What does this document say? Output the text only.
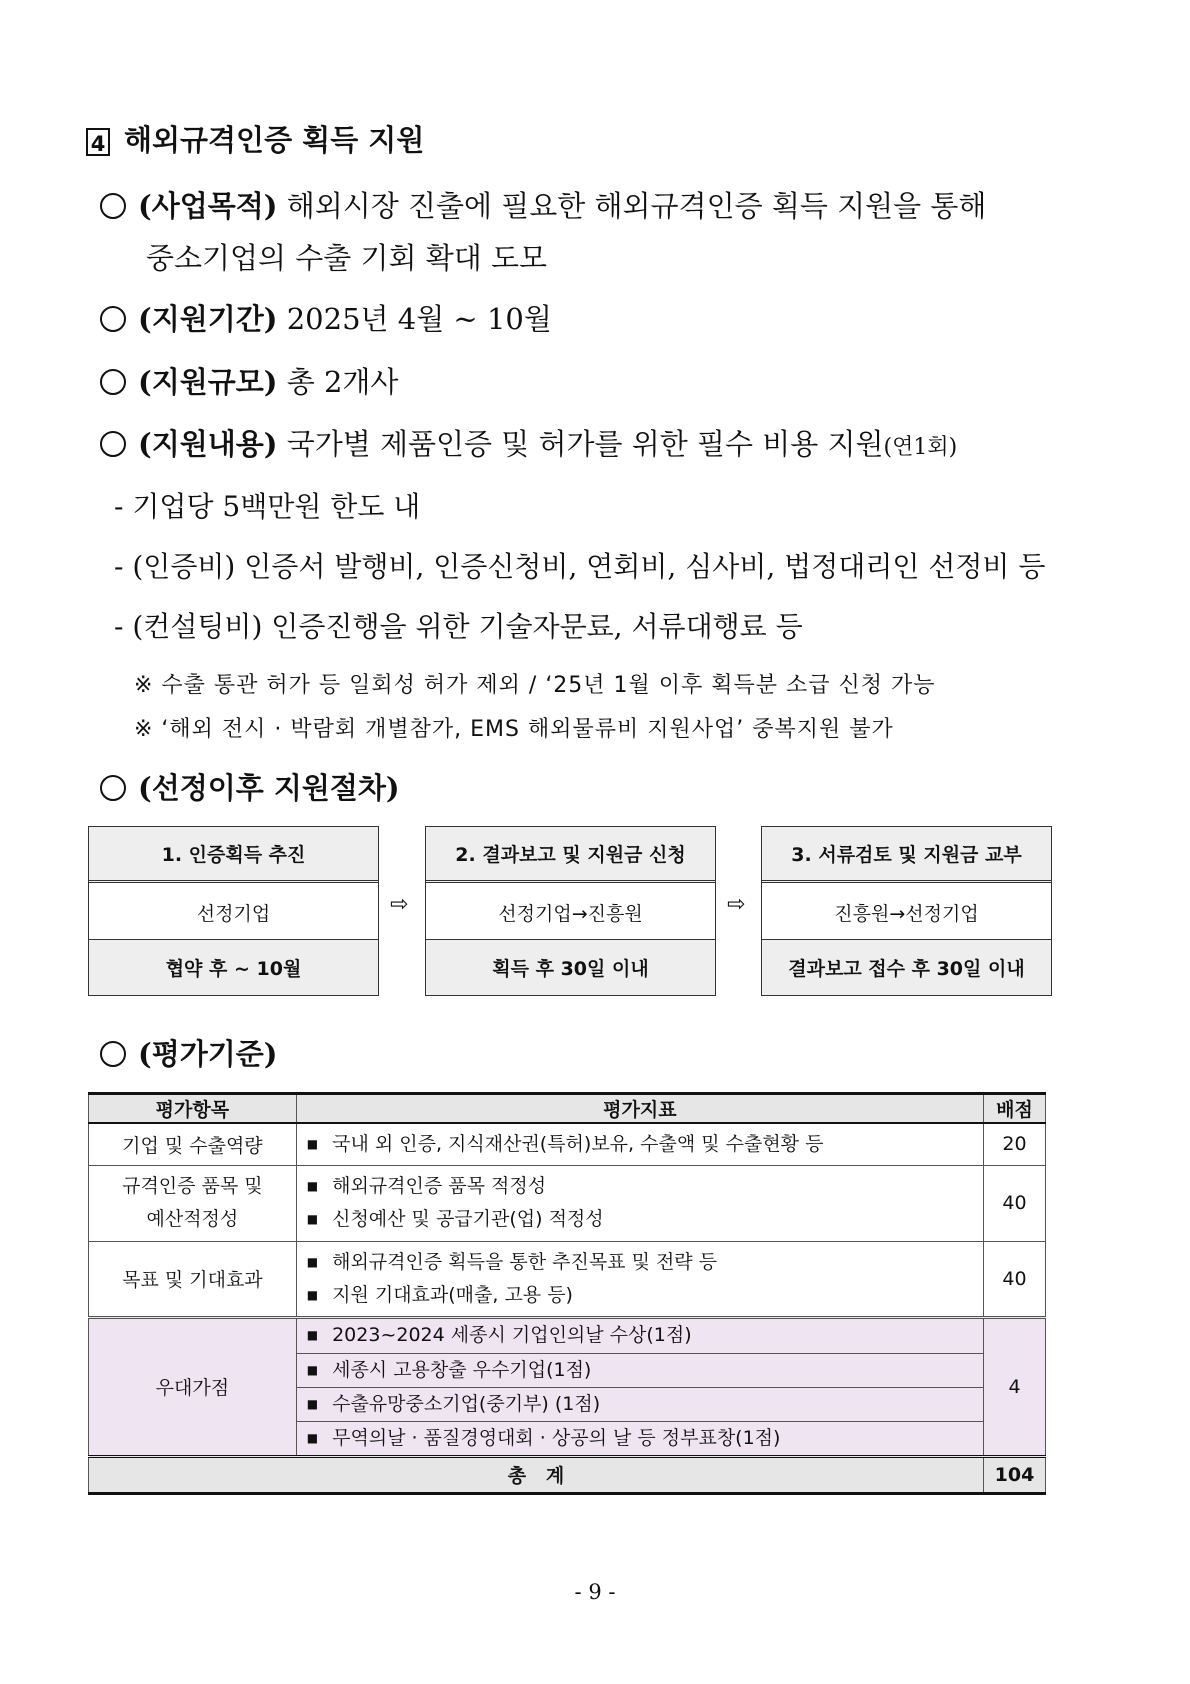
4 해외규격인증 획득 지원
(사업목적) 해외시장 진출에 필요한 해외규격인증 획득 지원을 통해
중소기업의 수출 기회 확대 도모
(지원기간) 2025년 4월 ~ 10월
(지원규모) 총 2개사
(지원내용) 국가별 제품인증 및 허가를 위한 필수 비용 지원(연1회)
- 기업당 5백만원 한도 내
- (인증비) 인증서 발행비, 인증신청비, 연회비, 심사비, 법정대리인 선정비 등
- (컨설팅비) 인증진행을 위한 기술자문료, 서류대행료 등
※ 수출 통관 허가 등 일회성 허가 제외 / ‘25년 1월 이후 획득분 소급 신청 가능
※ ‘해외 전시 · 박람회 개별참가, EMS 해외물류비 지원사업’ 중복지원 불가
(선정이후 지원절차)
1. 인증획득 추진
선정기업
협약 후 ~ 10월
⇨
2. 결과보고 및 지원금 신청
선정기업→진흥원
획득 후 30일 이내
⇨
3. 서류검토 및 지원금 교부
진흥원→선정기업
결과보고 접수 후 30일 이내
(평가기준)
평가항목	평가지표	배점
기업 및 수출역량	■ 국내 외 인증, 지식재산권(특허)보유, 수출액 및 수출현황 등	20
규격인증 품목 및
예산적정성	■ 해외규격인증 품목 적정성
■ 신청예산 및 공급기관(업) 적정성	40
목표 및 기대효과	■ 해외규격인증 획득을 통한 추진목표 및 전략 등
■ 지원 기대효과(매출, 고용 등)	40
우대가점	■ 2023~2024 세종시 기업인의날 수상(1점)	4

	■ 세종시 고용창출 우수기업(1점)

	■ 수출유망중소기업(중기부) (1점)

	■ 무역의날 · 품질경영대회 · 상공의 날 등 정부표창(1점)

총   계		104
- 9 -
